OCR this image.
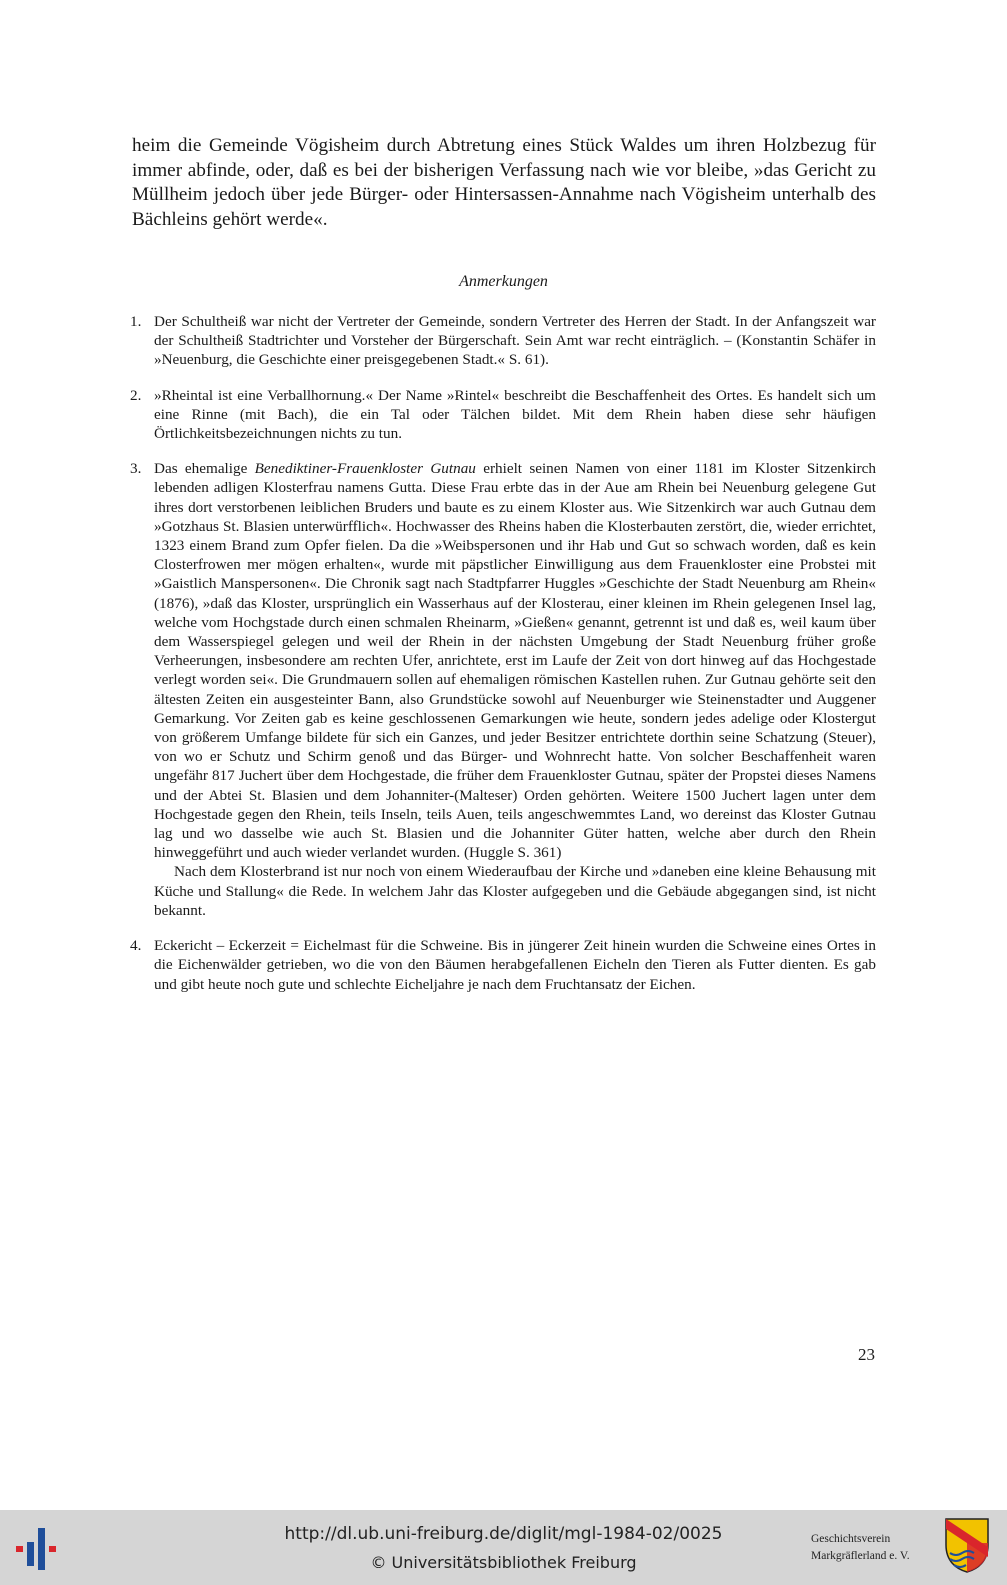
heim die Gemeinde Vögisheim durch Abtretung eines Stück Waldes um ihren Holzbezug für immer abfinde, oder, daß es bei der bisherigen Verfassung nach wie vor bleibe, »das Gericht zu Müllheim jedoch über jede Bürger- oder Hintersassen-Annahme nach Vögisheim unterhalb des Bächleins gehört werde«.

Anmerkungen

1. Der Schultheiß war nicht der Vertreter der Gemeinde, sondern Vertreter des Herren der Stadt. In der Anfangszeit war der Schultheiß Stadtrichter und Vorsteher der Bürgerschaft. Sein Amt war recht einträglich. – (Konstantin Schäfer in »Neuenburg, die Geschichte einer preisgegebenen Stadt.« S. 61).

2. »Rheintal ist eine Verballhornung.« Der Name »Rintel« beschreibt die Beschaffenheit des Ortes. Es handelt sich um eine Rinne (mit Bach), die ein Tal oder Tälchen bildet. Mit dem Rhein haben diese sehr häufigen Örtlichkeitsbezeichnungen nichts zu tun.

3. Das ehemalige Benediktiner-Frauenkloster Gutnau erhielt seinen Namen von einer 1181 im Kloster Sitzenkirch lebenden adligen Klosterfrau namens Gutta. Diese Frau erbte das in der Aue am Rhein bei Neuenburg gelegene Gut ihres dort verstorbenen leiblichen Bruders und baute es zu einem Kloster aus. Wie Sitzenkirch war auch Gutnau dem »Gotzhaus St. Blasien unterwürfflich«. Hochwasser des Rheins haben die Klosterbauten zerstört, die, wieder errichtet, 1323 einem Brand zum Opfer fielen. Da die »Weibspersonen und ihr Hab und Gut so schwach worden, daß es kein Closterfrowen mer mögen erhalten«, wurde mit päpstlicher Einwilligung aus dem Frauenkloster eine Probstei mit »Gaistlich Manspersonen«. Die Chronik sagt nach Stadtpfarrer Huggles »Geschichte der Stadt Neuenburg am Rhein« (1876), »daß das Kloster, ursprünglich ein Wasserhaus auf der Klosterau, einer kleinen im Rhein gelegenen Insel lag, welche vom Hochgstade durch einen schmalen Rheinarm, »Gießen« genannt, getrennt ist und daß es, weil kaum über dem Wasserspiegel gelegen und weil der Rhein in der nächsten Umgebung der Stadt Neuenburg früher große Verheerungen, insbesondere am rechten Ufer, anrichtete, erst im Laufe der Zeit von dort hinweg auf das Hochgestade verlegt worden sei«. Die Grundmauern sollen auf ehemaligen römischen Kastellen ruhen. Zur Gutnau gehörte seit den ältesten Zeiten ein ausgesteinter Bann, also Grundstücke sowohl auf Neuenburger wie Steinenstadter und Auggener Gemarkung. Vor Zeiten gab es keine geschlossenen Gemarkungen wie heute, sondern jedes adelige oder Klostergut von größerem Umfange bildete für sich ein Ganzes, und jeder Besitzer entrichtete dorthin seine Schatzung (Steuer), von wo er Schutz und Schirm genoß und das Bürger- und Wohnrecht hatte. Von solcher Beschaffenheit waren ungefähr 817 Juchert über dem Hochgestade, die früher dem Frauenkloster Gutnau, später der Propstei dieses Namens und der Abtei St. Blasien und dem Johanniter-(Malteser) Orden gehörten. Weitere 1500 Juchert lagen unter dem Hochgestade gegen den Rhein, teils Inseln, teils Auen, teils angeschwemmtes Land, wo dereinst das Kloster Gutnau lag und wo dasselbe wie auch St. Blasien und die Johanniter Güter hatten, welche aber durch den Rhein hinweggeführt und auch wieder verlandet wurden. (Huggle S. 361)

Nach dem Klosterbrand ist nur noch von einem Wiederaufbau der Kirche und »daneben eine kleine Behausung mit Küche und Stallung« die Rede. In welchem Jahr das Kloster aufgegeben und die Gebäude abgegangen sind, ist nicht bekannt.

4. Eckericht – Eckerzeit = Eichelmast für die Schweine. Bis in jüngerer Zeit hinein wurden die Schweine eines Ortes in die Eichenwälder getrieben, wo die von den Bäumen herabgefallenen Eicheln den Tieren als Futter dienten. Es gab und gibt heute noch gute und schlechte Eicheljahre je nach dem Fruchtansatz der Eichen.

23

http://dl.ub.uni-freiburg.de/diglit/mgl-1984-02/0025
© Universitätsbibliothek Freiburg
Geschichtsverein
Markgräflerland e. V.
